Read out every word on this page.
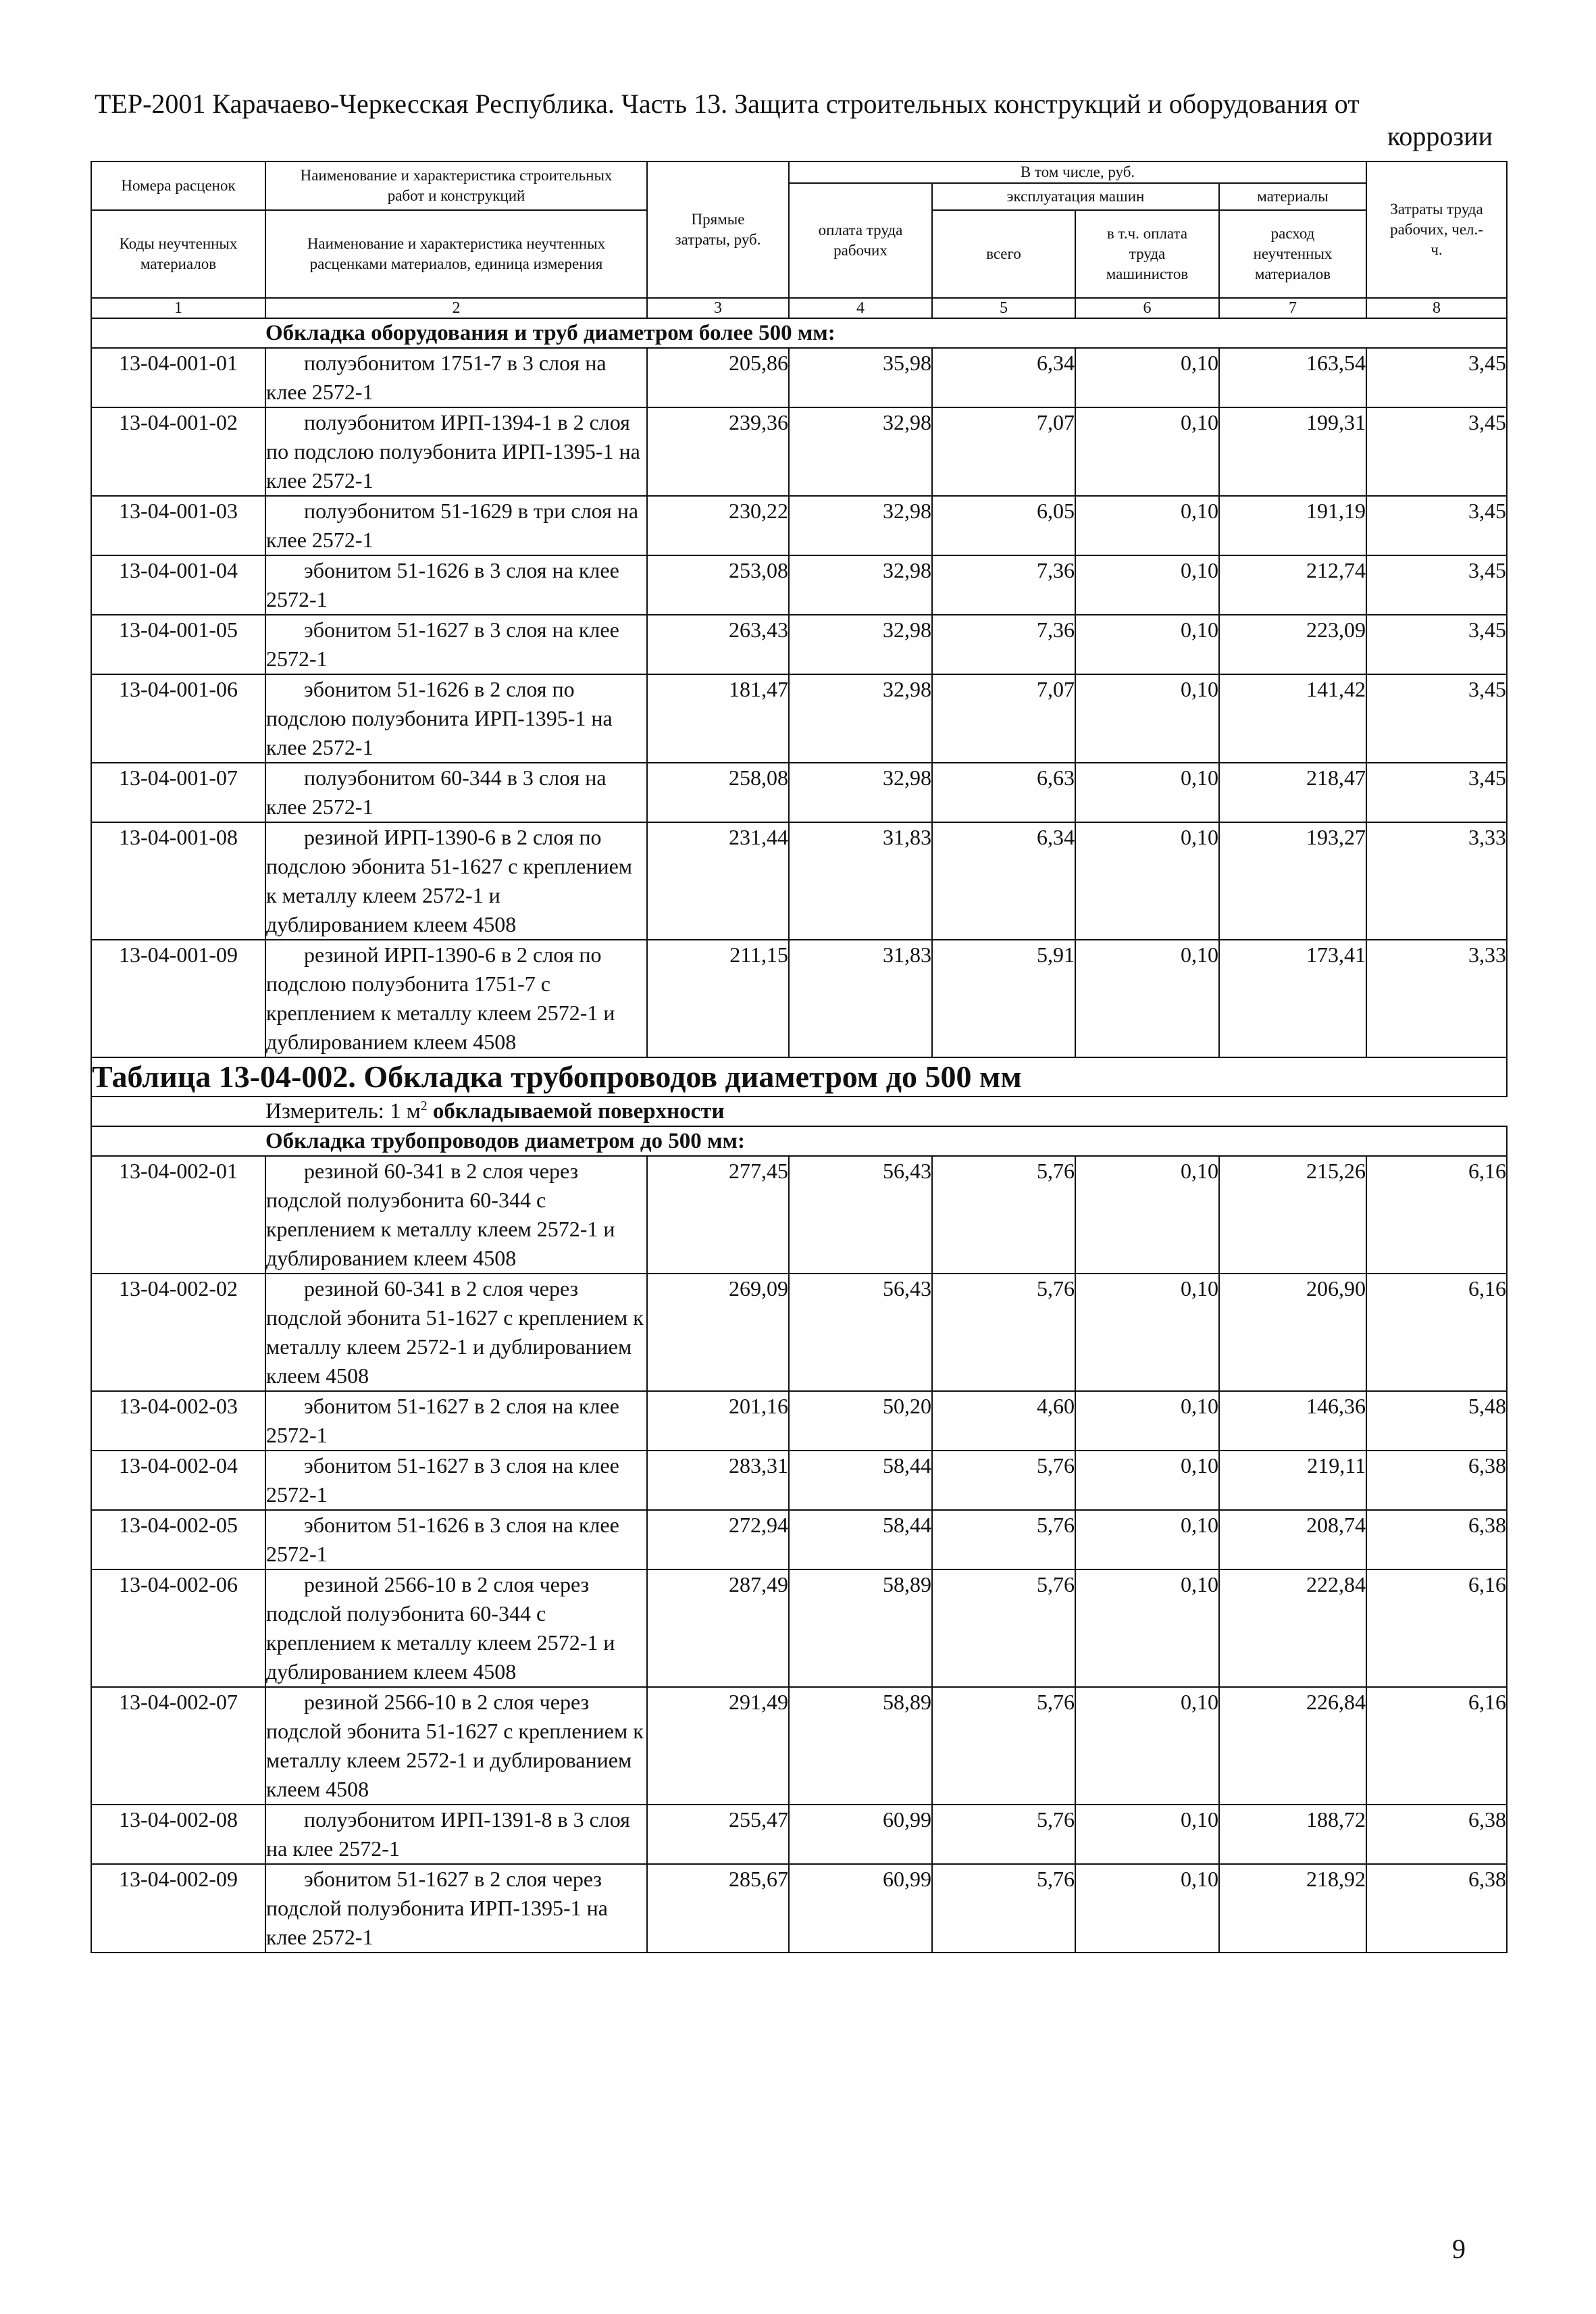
ТЕР-2001 Карачаево-Черкесская Республика. Часть 13. Защита строительных конструкций и оборудования от
коррозии
Номера расценок	Наименование и характеристика строительных работ и конструкций	Прямые затраты, руб.	В том числе, руб.				Затраты труда рабочих, чел.-ч.
			оплата труда рабочих	эксплуатация машин		материалы	
Коды неучтенных материалов	Наименование и характеристика неучтенных расценками материалов, единица измерения			всего	в т.ч. оплата труда машинистов	расход неучтенных материалов	

1	2	3	4	5	6	7	8
	Обкладка оборудования и труб диаметром более 500 мм:						
13-04-001-01	полуэбонитом 1751-7 в 3 слоя на клее 2572-1	205,86	35,98	6,34	0,10	163,54	3,45
13-04-001-02	полуэбонитом ИРП-1394-1 в 2 слоя по подслою полуэбонита ИРП-1395-1 на клее 2572-1	239,36	32,98	7,07	0,10	199,31	3,45
13-04-001-03	полуэбонитом 51-1629 в три слоя на клее 2572-1	230,22	32,98	6,05	0,10	191,19	3,45
13-04-001-04	эбонитом 51-1626 в 3 слоя на клее 2572-1	253,08	32,98	7,36	0,10	212,74	3,45
13-04-001-05	эбонитом 51-1627 в 3 слоя на клее 2572-1	263,43	32,98	7,36	0,10	223,09	3,45
13-04-001-06	эбонитом 51-1626 в 2 слоя по подслою полуэбонита ИРП-1395-1 на клее 2572-1	181,47	32,98	7,07	0,10	141,42	3,45
13-04-001-07	полуэбонитом 60-344 в 3 слоя на клее 2572-1	258,08	32,98	6,63	0,10	218,47	3,45
13-04-001-08	резиной ИРП-1390-6 в 2 слоя по подслою эбонита 51-1627 с креплением к металлу клеем 2572-1 и дублированием клеем 4508	231,44	31,83	6,34	0,10	193,27	3,33
13-04-001-09	резиной ИРП-1390-6 в 2 слоя по подслою полуэбонита 1751-7 с креплением к металлу клеем 2572-1 и дублированием клеем 4508	211,15	31,83	5,91	0,10	173,41	3,33
Таблица 13-04-002. Обкладка трубопроводов диаметром до 500 мм							
	Измеритель: 1 $м^2$ обкладываемой поверхности						
	Обкладка трубопроводов диаметром до 500 мм:						
13-04-002-01	резиной 60-341 в 2 слоя через подслой полуэбонита 60-344 с креплением к металлу клеем 2572-1 и дублированием клеем 4508	277,45	56,43	5,76	0,10	215,26	6,16
13-04-002-02	резиной 60-341 в 2 слоя через подслой эбонита 51-1627 с креплением к металлу клеем 2572-1 и дублированием клеем 4508	269,09	56,43	5,76	0,10	206,90	6,16
13-04-002-03	эбонитом 51-1627 в 2 слоя на клее 2572-1	201,16	50,20	4,60	0,10	146,36	5,48
13-04-002-04	эбонитом 51-1627 в 3 слоя на клее 2572-1	283,31	58,44	5,76	0,10	219,11	6,38
13-04-002-05	эбонитом 51-1626 в 3 слоя на клее 2572-1	272,94	58,44	5,76	0,10	208,74	6,38
13-04-002-06	резиной 2566-10 в 2 слоя через подслой полуэбонита 60-344 с креплением к металлу клеем 2572-1 и дублированием клеем 4508	287,49	58,89	5,76	0,10	222,84	6,16
13-04-002-07	резиной 2566-10 в 2 слоя через подслой эбонита 51-1627 с креплением к металлу клеем 2572-1 и дублированием клеем 4508	291,49	58,89	5,76	0,10	226,84	6,16
13-04-002-08	полуэбонитом ИРП-1391-8 в 3 слоя на клее 2572-1	255,47	60,99	5,76	0,10	188,72	6,38
13-04-002-09	эбонитом 51-1627 в 2 слоя через подслой полуэбонита ИРП-1395-1 на клее 2572-1	285,67	60,99	5,76	0,10	218,92	6,38
9
